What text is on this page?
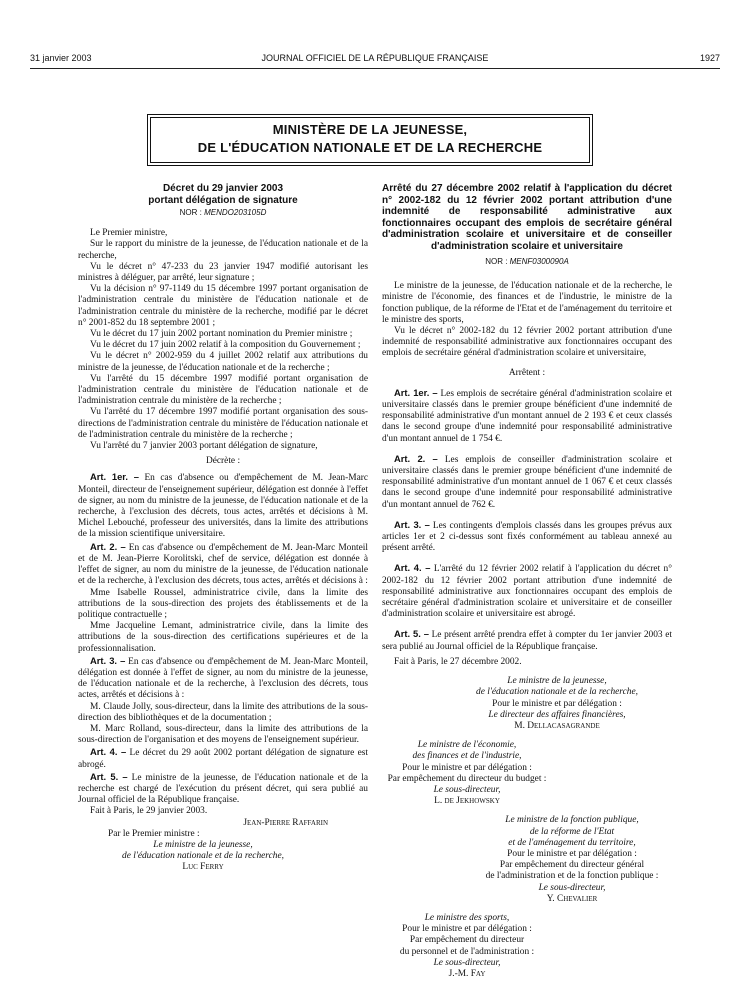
31 janvier 2003	JOURNAL OFFICIEL DE LA RÉPUBLIQUE FRANÇAISE	1927
MINISTÈRE DE LA JEUNESSE,
DE L'ÉDUCATION NATIONALE ET DE LA RECHERCHE
Décret du 29 janvier 2003
portant délégation de signature
NOR : MENDO203105D

Le Premier ministre,

Sur le rapport du ministre de la jeunesse, de l'éducation nationale et de la recherche,

Vu le décret n° 47-233 du 23 janvier 1947 modifié autorisant les ministres à déléguer, par arrêté, leur signature ;

Vu la décision n° 97-1149 du 15 décembre 1997 portant organisation de l'administration centrale du ministère de l'éducation nationale et de l'administration centrale du ministère de la recherche, modifié par le décret n° 2001-852 du 18 septembre 2001 ;

Vu le décret du 17 juin 2002 portant nomination du Premier ministre ;

Vu le décret du 17 juin 2002 relatif à la composition du Gouvernement ;

Vu le décret n° 2002-959 du 4 juillet 2002 relatif aux attributions du ministre de la jeunesse, de l'éducation nationale et de la recherche ;

Vu l'arrêté du 15 décembre 1997 modifié portant organisation de l'administration centrale du ministère de l'éducation nationale et de l'administration centrale du ministère de la recherche ;

Vu l'arrêté du 17 décembre 1997 modifié portant organisation des sous-directions de l'administration centrale du ministère de l'éducation nationale et de l'administration centrale du ministère de la recherche ;

Vu l'arrêté du 7 janvier 2003 portant délégation de signature,

Décrète :

Art. 1er. – En cas d'absence ou d'empêchement de M. Jean-Marc Monteil, directeur de l'enseignement supérieur, délégation est donnée à l'effet de signer, au nom du ministre de la jeunesse, de l'éducation nationale et de la recherche, à l'exclusion des décrets, tous actes, arrêtés et décisions à M. Michel Lebouché, professeur des universités, dans la limite des attributions de la mission scientifique universitaire.

Art. 2. – En cas d'absence ou d'empêchement de M. Jean-Marc Monteil et de M. Jean-Pierre Korolitski, chef de service, délégation est donnée à l'effet de signer, au nom du ministre de la jeunesse, de l'éducation nationale et de la recherche, à l'exclusion des décrets, tous actes, arrêtés et décisions à :

Mme Isabelle Roussel, administratrice civile, dans la limite des attributions de la sous-direction des projets des établissements et de la politique contractuelle ;

Mme Jacqueline Lemant, administratrice civile, dans la limite des attributions de la sous-direction des certifications supérieures et de la professionnalisation.

Art. 3. – En cas d'absence ou d'empêchement de M. Jean-Marc Monteil, délégation est donnée à l'effet de signer, au nom du ministre de la jeunesse, de l'éducation nationale et de la recherche, à l'exclusion des décrets, tous actes, arrêtés et décisions à :

M. Claude Jolly, sous-directeur, dans la limite des attributions de la sous-direction des bibliothèques et de la documentation ;

M. Marc Rolland, sous-directeur, dans la limite des attributions de la sous-direction de l'organisation et des moyens de l'enseignement supérieur.

Art. 4. – Le décret du 29 août 2002 portant délégation de signature est abrogé.

Art. 5. – Le ministre de la jeunesse, de l'éducation nationale et de la recherche est chargé de l'exécution du présent décret, qui sera publié au Journal officiel de la République française.

Fait à Paris, le 29 janvier 2003.

Jean-Pierre Raffarin

Par le Premier ministre :

Le ministre de la jeunesse,

de l'éducation nationale et de la recherche,

Luc Ferry

Arrêté du 27 décembre 2002 relatif à l'application du décret n° 2002-182 du 12 février 2002 portant attribution d'une indemnité de responsabilité administrative aux fonctionnaires occupant des emplois de secrétaire général d'administration scolaire et universitaire et de conseiller d'administration scolaire et universitaire
NOR : MENF0300090A

Le ministre de la jeunesse, de l'éducation nationale et de la recherche, le ministre de l'économie, des finances et de l'industrie, le ministre de la fonction publique, de la réforme de l'Etat et de l'aménagement du territoire et le ministre des sports,

Vu le décret n° 2002-182 du 12 février 2002 portant attribution d'une indemnité de responsabilité administrative aux fonctionnaires occupant des emplois de secrétaire général d'administration scolaire et universitaire,

Arrêtent :

Art. 1er. – Les emplois de secrétaire général d'administration scolaire et universitaire classés dans le premier groupe bénéficient d'une indemnité de responsabilité administrative d'un montant annuel de 2 193 € et ceux classés dans le second groupe d'une indemnité pour responsabilité administrative d'un montant annuel de 1 754 €.

Art. 2. – Les emplois de conseiller d'administration scolaire et universitaire classés dans le premier groupe bénéficient d'une indemnité de responsabilité administrative d'un montant annuel de 1 067 € et ceux classés dans le second groupe d'une indemnité pour responsabilité administrative d'un montant annuel de 762 €.

Art. 3. – Les contingents d'emplois classés dans les groupes prévus aux articles 1er et 2 ci-dessus sont fixés conformément au tableau annexé au présent arrêté.

Art. 4. – L'arrêté du 12 février 2002 relatif à l'application du décret n° 2002-182 du 12 février 2002 portant attribution d'une indemnité de responsabilité administrative aux fonctionnaires occupant des emplois de secrétaire général d'administration scolaire et universitaire et de conseiller d'administration scolaire et universitaire est abrogé.

Art. 5. – Le présent arrêté prendra effet à compter du 1er janvier 2003 et sera publié au Journal officiel de la République française.

Fait à Paris, le 27 décembre 2002.

Le ministre de la jeunesse,

de l'éducation nationale et de la recherche,

Pour le ministre et par délégation :

Le directeur des affaires financières,

M. Dellacasagrande

Le ministre de l'économie,

des finances et de l'industrie,

Pour le ministre et par délégation :

Par empêchement du directeur du budget :

Le sous-directeur,

L. de Jekhowsky

Le ministre de la fonction publique,

de la réforme de l'Etat

et de l'aménagement du territoire,

Pour le ministre et par délégation :

Par empêchement du directeur général

de l'administration et de la fonction publique :

Le sous-directeur,

Y. Chevalier

Le ministre des sports,

Pour le ministre et par délégation :

Par empêchement du directeur

du personnel et de l'administration :

Le sous-directeur,

J.-M. Fay
